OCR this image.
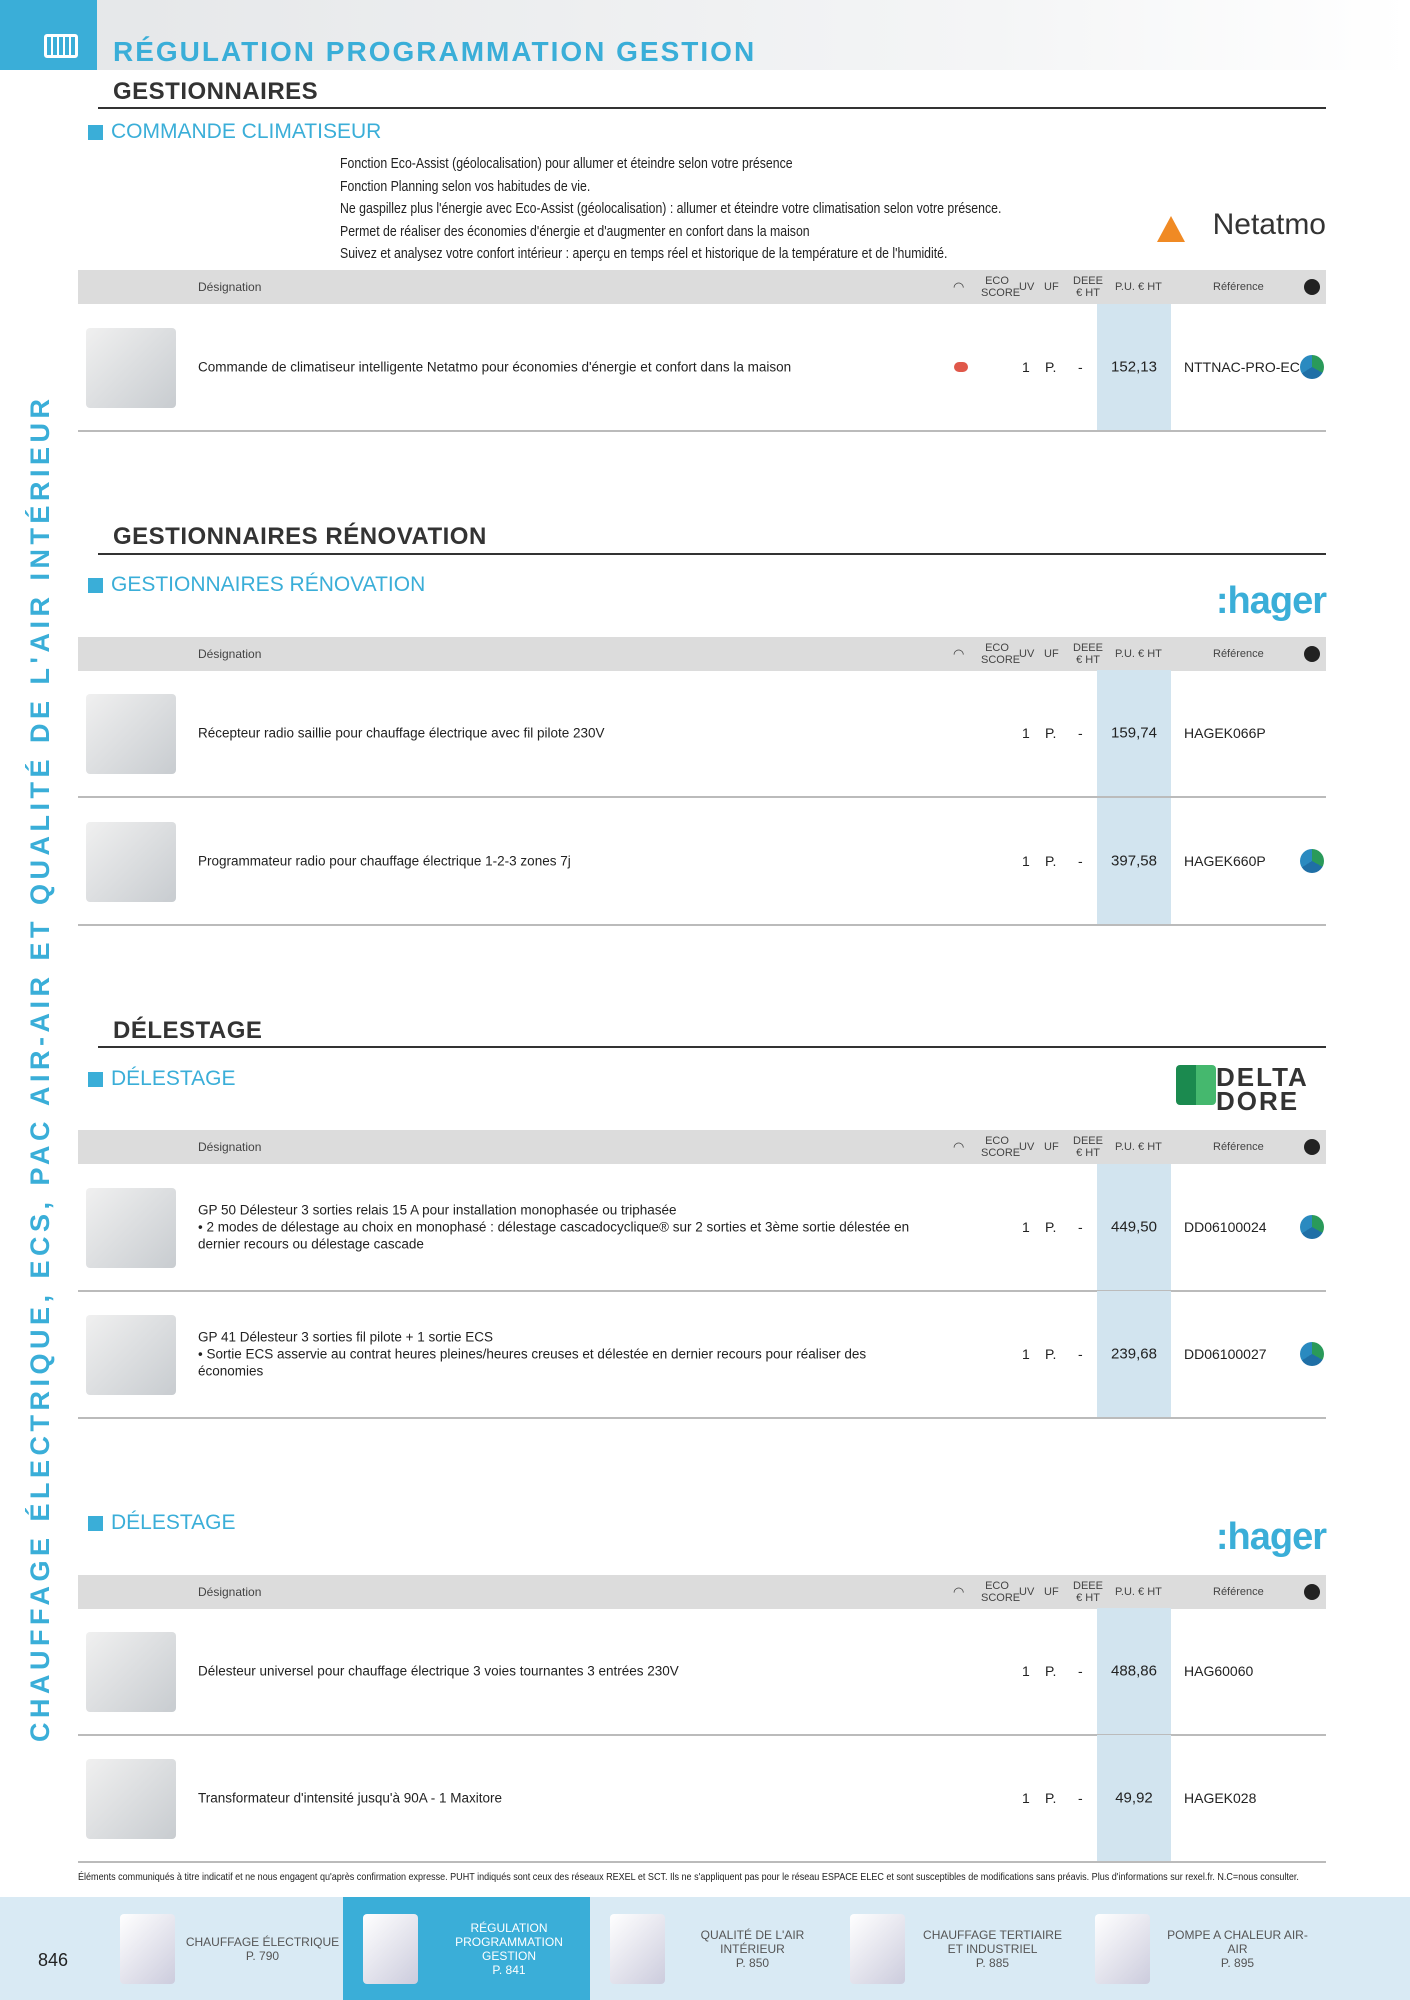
RÉGULATION PROGRAMMATION GESTION
CHAUFFAGE ÉLECTRIQUE, ECS, PAC AIR-AIR ET QUALITÉ DE L'AIR INTÉRIEUR
GESTIONNAIRES
COMMANDE CLIMATISEUR
Netatmo
Fonction Eco-Assist (géolocalisation) pour allumer et éteindre selon votre présence
Fonction Planning selon vos habitudes de vie.
Ne gaspillez plus l'énergie avec Eco-Assist (géolocalisation) : allumer et éteindre votre climatisation selon votre présence.
Permet de réaliser des économies d'énergie et d'augmenter en confort dans la maison
Suivez et analysez votre confort intérieur : aperçu en temps réel et historique de la température et de l'humidité.
Désignation	ECO SCORE
UV UF DEEE € HT	P.U. € HT	Référence
◠
Commande de climatiseur intelligente Netatmo pour économies d'énergie et confort dans la maison	1 P. -	152,13	NTTNAC-PRO-EC
GESTIONNAIRES RÉNOVATION
GESTIONNAIRES RÉNOVATION	:hager
Désignation	ECO SCORE
UV UF DEEE € HT	P.U. € HT	Référence
◠
Récepteur radio saillie pour chauffage électrique avec fil pilote 230V	1 P. -	159,74	HAGEK066P
Programmateur radio pour chauffage électrique 1-2-3 zones 7j	1 P. -	397,58	HAGEK660P
DÉLESTAGE
DÉLESTAGE	DELTA DORE
Désignation	ECO SCORE
UV UF DEEE € HT	P.U. € HT	Référence
◠
GP 50 Délesteur 3 sorties relais 15 A pour installation monophasée ou triphasée
• 2 modes de délestage au choix en monophasé : délestage cascadocyclique® sur 2 sorties et 3ème sortie délestée en dernier recours ou délestage cascade
1 P. -	449,50	DD06100024
GP 41 Délesteur 3 sorties fil pilote + 1 sortie ECS
• Sortie ECS asservie au contrat heures pleines/heures creuses et délestée en dernier recours pour réaliser des économies
1 P. -	239,68	DD06100027
DÉLESTAGE	:hager
Désignation	ECO SCORE
UV UF DEEE € HT	P.U. € HT	Référence
◠
Délesteur universel pour chauffage électrique 3 voies tournantes 3 entrées 230V	1 P. -	488,86	HAG60060
Transformateur d'intensité jusqu'à 90A - 1 Maxitore	1 P. -	49,92	HAGEK028
Éléments communiqués à titre indicatif et ne nous engagent qu'après confirmation expresse. PUHT indiqués sont ceux des réseaux REXEL et SCT. Ils ne s'appliquent pas pour le réseau ESPACE ELEC et sont susceptibles de modifications sans préavis. Plus d'informations sur rexel.fr. N.C=nous consulter.
CHAUFFAGE ÉLECTRIQUE
P. 790
RÉGULATION PROGRAMMATION GESTION
P. 841
QUALITÉ DE L'AIR INTÉRIEUR
P. 850
CHAUFFAGE TERTIAIRE ET INDUSTRIEL
P. 885
POMPE A CHALEUR AIR-AIR
P. 895
846
